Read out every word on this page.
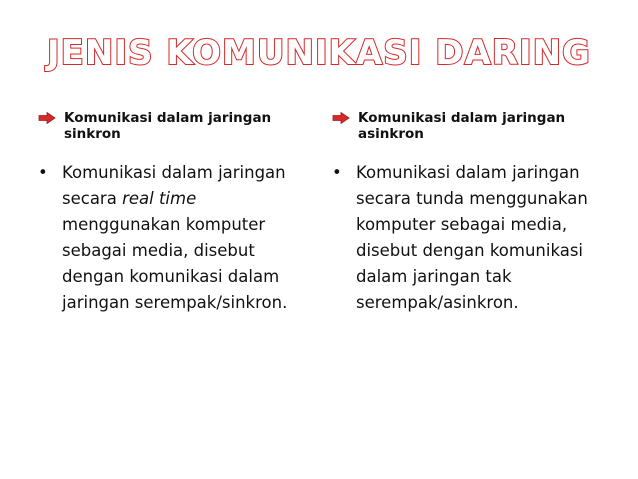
JENIS KOMUNIKASI DARING
Komunikasi dalam jaringan sinkron
• Komunikasi dalam jaringan secara real time menggunakan komputer sebagai media, disebut dengan komunikasi dalam jaringan serempak/sinkron.
Komunikasi dalam jaringan asinkron
• Komunikasi dalam jaringan secara tunda menggunakan komputer sebagai media, disebut dengan komunikasi dalam jaringan tak serempak/asinkron.
